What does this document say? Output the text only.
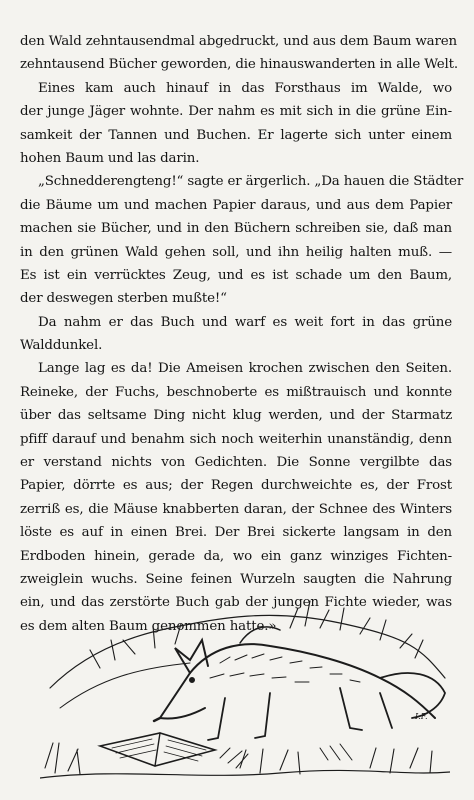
den Wald zehntausendmal abgedruckt, und aus dem Baum waren
zehntausend Bücher geworden, die hinauswanderten in alle Welt.
Eines kam auch hinauf in das Forsthaus im Walde, wo
der junge Jäger wohnte. Der nahm es mit sich in die grüne Ein-
samkeit der Tannen und Buchen. Er lagerte sich unter einem
hohen Baum und las darin.
„Schnedderengteng!“ sagte er ärgerlich. „Da hauen die Städter
die Bäume um und machen Papier daraus, und aus dem Papier
machen sie Bücher, und in den Büchern schreiben sie, daß man
in den grünen Wald gehen soll, und ihn heilig halten muß. —
Es ist ein verrücktes Zeug, und es ist schade um den Baum,
der deswegen sterben mußte!“
Da nahm er das Buch und warf es weit fort in das grüne
Walddunkel.
Lange lag es da! Die Ameisen krochen zwischen den Seiten.
Reineke, der Fuchs, beschnoberte es mißtrauisch und konnte
über das seltsame Ding nicht klug werden, und der Starmatz
pfiff darauf und benahm sich noch weiterhin unanständig, denn
er verstand nichts von Gedichten. Die Sonne vergilbte das
Papier, dörrte es aus; der Regen durchweichte es, der Frost
zerriß es, die Mäuse knabberten daran, der Schnee des Winters
löste es auf in einen Brei. Der Brei sickerte langsam in den
Erdboden hinein, gerade da, wo ein ganz winziges Fichten-
zweiglein wuchs. Seine feinen Wurzeln saugten die Nahrung
ein, und das zerstörte Buch gab der jungen Fichte wieder, was
es dem alten Baum genommen hatte.»
I.F.
